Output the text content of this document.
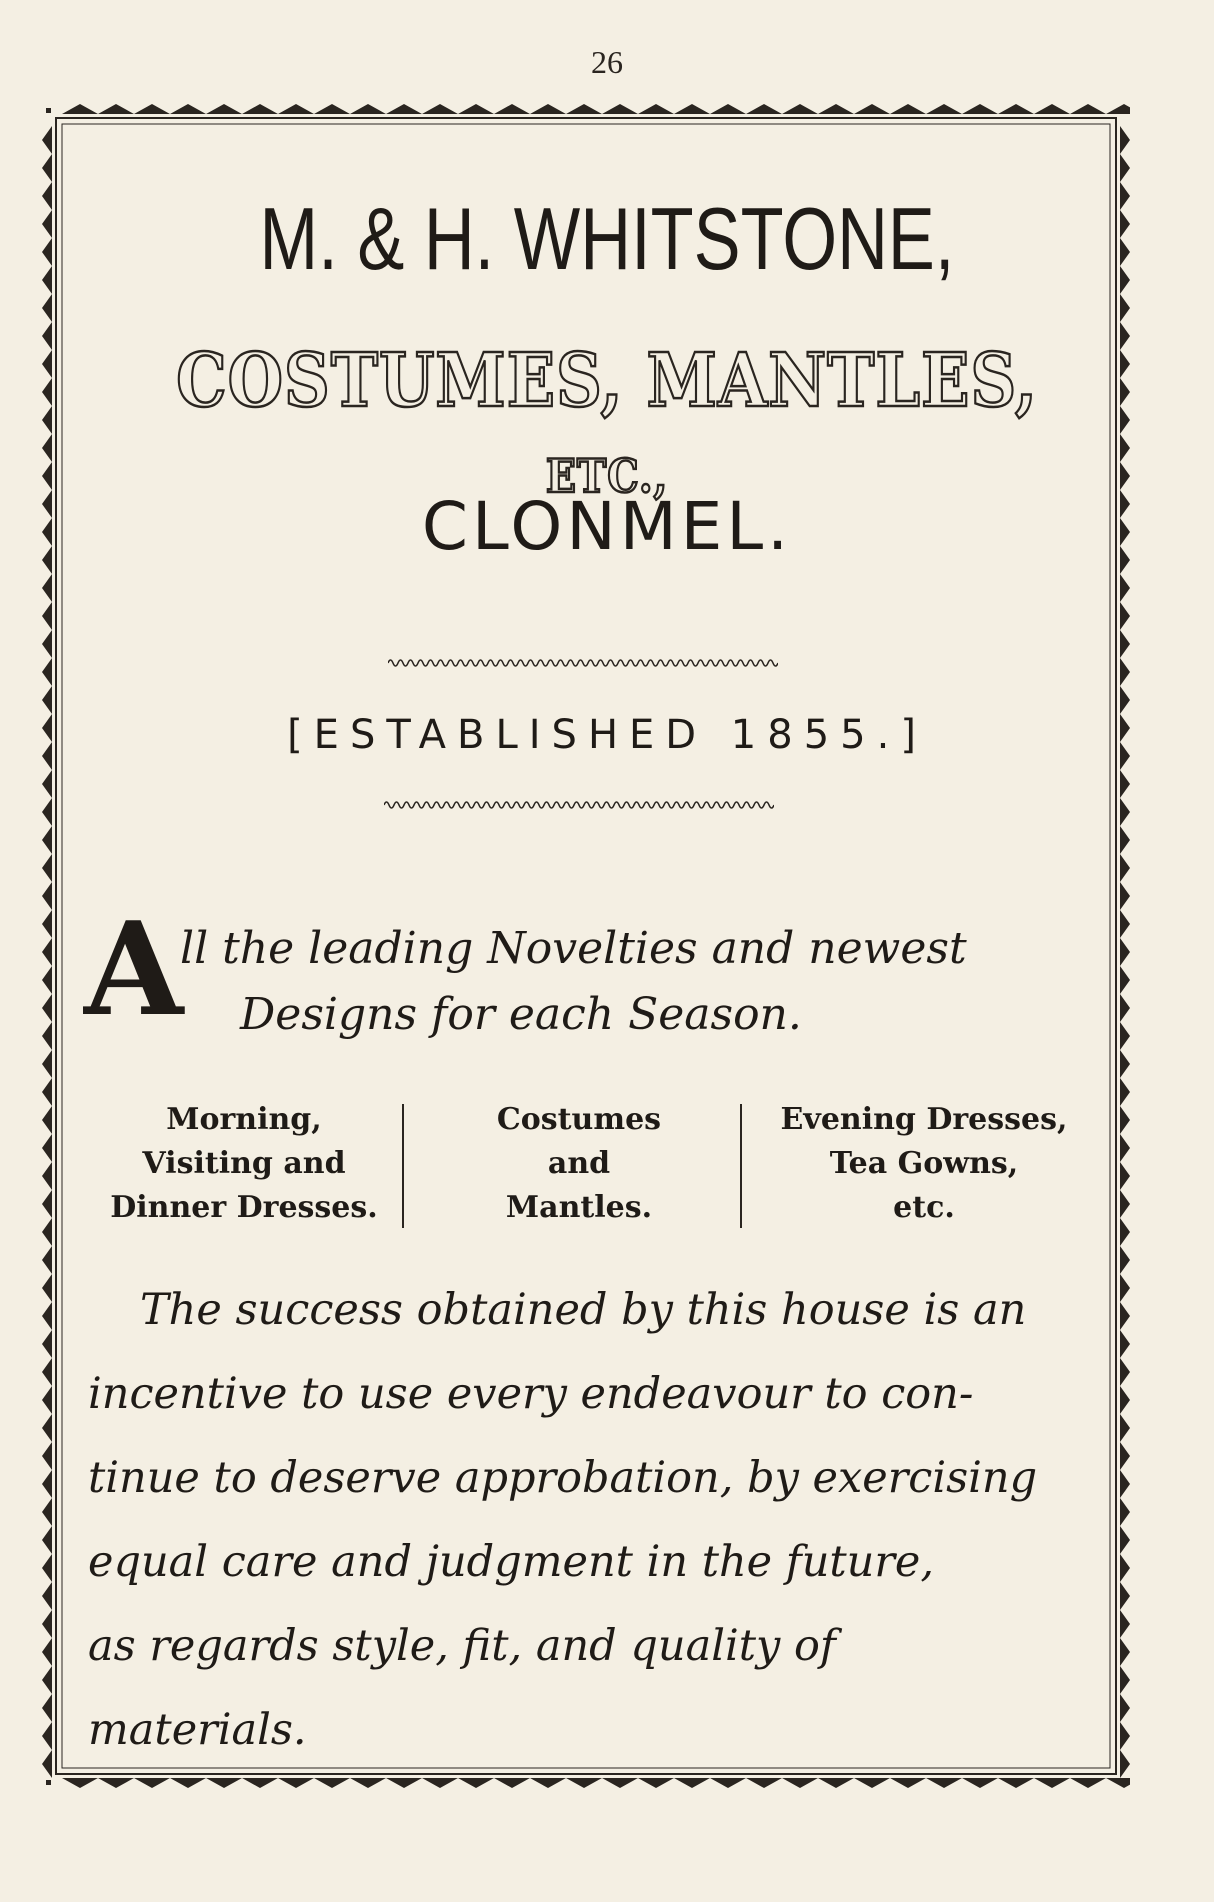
26
M. & H. WHITSTONE,
COSTUMES, MANTLES, ETC.,
CLONMEL.
[ESTABLISHED 1855.]
A
ll the leading Novelties and newest
Designs for each Season.
Morning,
Visiting and
Dinner Dresses.
Costumes
and
Mantles.
Evening Dresses,
Tea Gowns,
etc.
The success obtained by this house is an
incentive to use every endeavour to con-
tinue to deserve approbation, by exercising
equal care and judgment in the future,
as regards style, fit, and quality of
materials.
